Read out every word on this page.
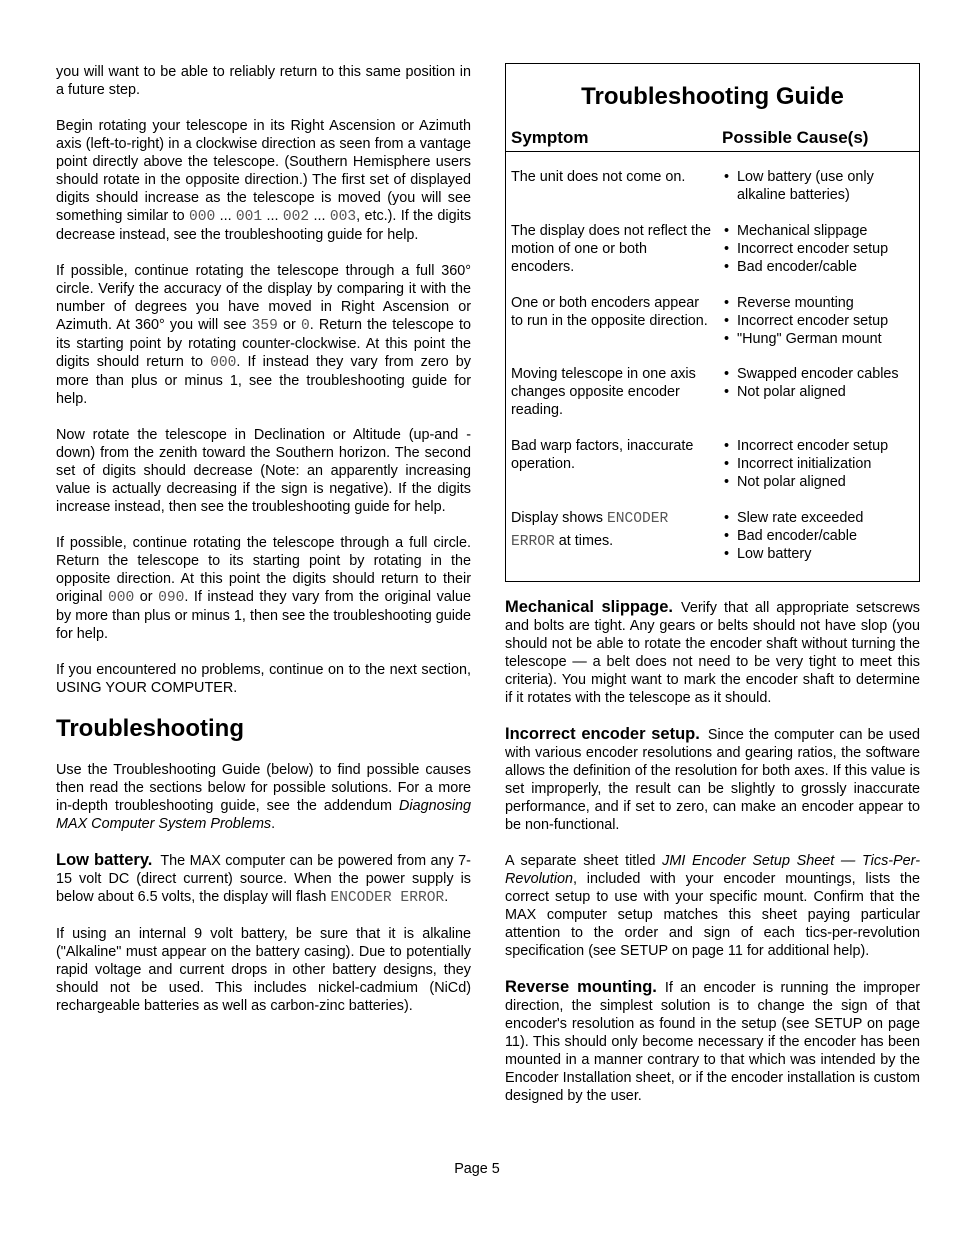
you will want to be able to reliably return to this same position in a future step.

Begin rotating your telescope in its Right Ascension or Azimuth axis (left-to-right) in a clockwise direction as seen from a vantage point directly above the telescope. (Southern Hemisphere users should rotate in the opposite direction.) The first set of displayed digits should increase as the telescope is moved (you will see something similar to 000 ... 001 ... 002 ... 003, etc.). If the digits decrease instead, see the troubleshooting guide for help.

If possible, continue rotating the telescope through a full 360° circle. Verify the accuracy of the display by comparing it with the number of degrees you have moved in Right Ascension or Azimuth. At 360° you will see 359 or 0. Return the telescope to its starting point by rotating counter-clockwise. At this point the digits should return to 000. If instead they vary from zero by more than plus or minus 1, see the troubleshooting guide for help.

Now rotate the telescope in Declination or Altitude (up-and - down) from the zenith toward the Southern horizon. The second set of digits should decrease (Note: an apparently increasing value is actually decreasing if the sign is negative). If the digits increase instead, then see the troubleshooting guide for help.

If possible, continue rotating the telescope through a full circle. Return the telescope to its starting point by rotating in the opposite direction. At this point the digits should return to their original 000 or 090. If instead they vary from the original value by more than plus or minus 1, then see the troubleshooting guide for help.

If you encountered no problems, continue on to the next section, USING YOUR COMPUTER.

Troubleshooting

Use the Troubleshooting Guide (below) to find possible causes then read the sections below for possible solutions. For a more in-depth troubleshooting guide, see the addendum Diagnosing MAX Computer System Problems.

Low battery. The MAX computer can be powered from any 7-15 volt DC (direct current) source. When the power supply is below about 6.5 volts, the display will flash ENCODER ERROR.

If using an internal 9 volt battery, be sure that it is alkaline ("Alkaline" must appear on the battery casing). Due to potentially rapid voltage and current drops in other battery designs, they should not be used. This includes nickel-cadmium (NiCd) rechargeable batteries as well as carbon-zinc batteries).

Troubleshooting Guide
Symptom	Possible Cause(s)
The unit does not come on.
•	Low battery (use only alkaline batteries)
The display does not reflect the motion of one or both encoders.
• Mechanical slippage
• Incorrect encoder setup
• Bad encoder/cable
One or both encoders appear to run in the opposite direction.
• Reverse mounting
• Incorrect encoder setup
• "Hung" German mount
Moving telescope in one axis changes opposite encoder reading.
• Swapped encoder cables
• Not polar aligned
Bad warp factors, inaccurate operation.
• Incorrect encoder setup
• Incorrect initialization
• Not polar aligned
Display shows ENCODER ERROR at times.
• Slew rate exceeded
• Bad encoder/cable
• Low battery

Mechanical slippage. Verify that all appropriate setscrews and bolts are tight. Any gears or belts should not have slop (you should not be able to rotate the encoder shaft without turning the telescope — a belt does not need to be very tight to meet this criteria). You might want to mark the encoder shaft to determine if it rotates with the telescope as it should.

Incorrect encoder setup. Since the computer can be used with various encoder resolutions and gearing ratios, the software allows the definition of the resolution for both axes. If this value is set improperly, the result can be slightly to grossly inaccurate performance, and if set to zero, can make an encoder appear to be non-functional.

A separate sheet titled JMI Encoder Setup Sheet — Tics-Per-Revolution, included with your encoder mountings, lists the correct setup to use with your specific mount. Confirm that the MAX computer setup matches this sheet paying particular attention to the order and sign of each tics-per-revolution specification (see SETUP on page 11 for additional help).

Reverse mounting. If an encoder is running the improper direction, the simplest solution is to change the sign of that encoder's resolution as found in the setup (see SETUP on page 11). This should only become necessary if the encoder has been mounted in a manner contrary to that which was intended by the Encoder Installation sheet, or if the encoder installation is custom designed by the user.

Page 5
